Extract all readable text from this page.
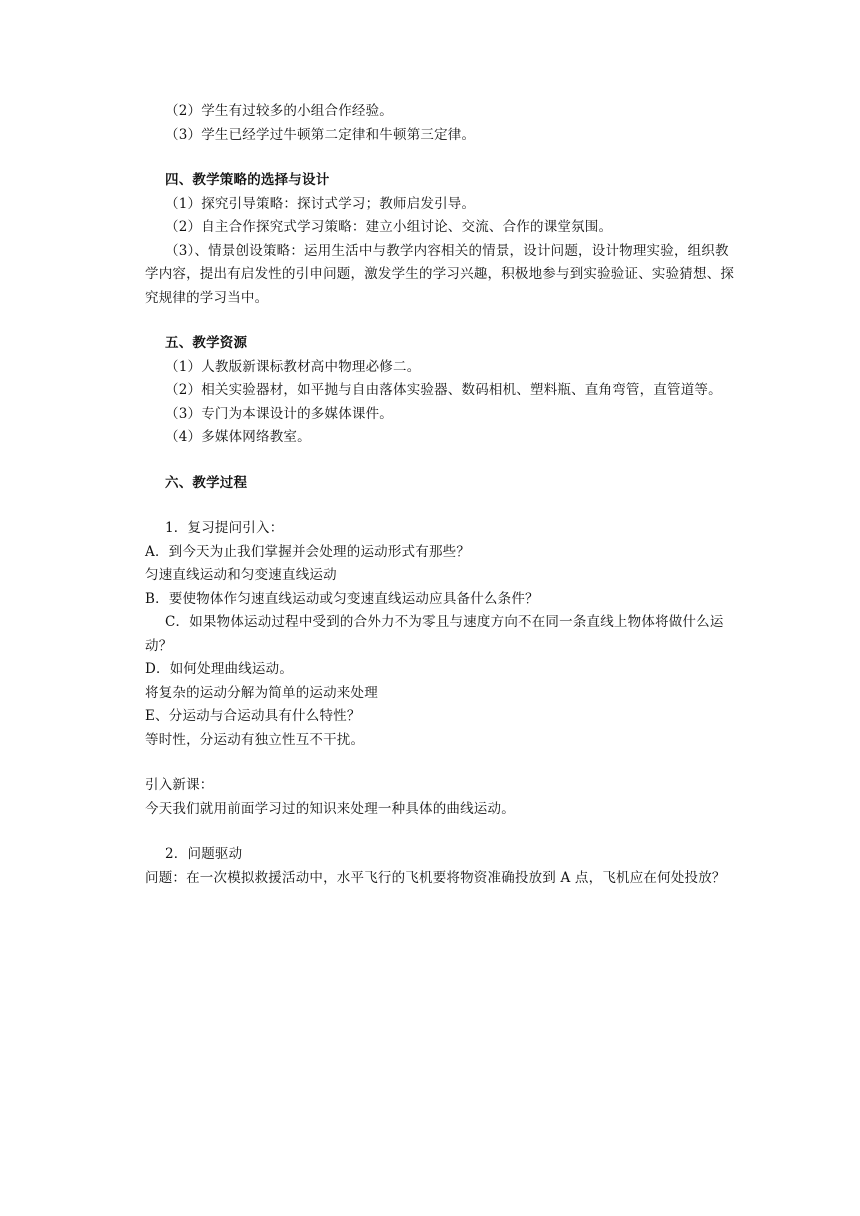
（2）学生有过较多的小组合作经验。

（3）学生已经学过牛顿第二定律和牛顿第三定律。

四、教学策略的选择与设计

（1）探究引导策略：探讨式学习；教师启发引导。

（2）自主合作探究式学习策略：建立小组讨论、交流、合作的课堂氛围。

（3）、情景创设策略：运用生活中与教学内容相关的情景，设计问题，设计物理实验，组织教学内容，提出有启发性的引申问题，激发学生的学习兴趣，积极地参与到实验验证、实验猜想、探究规律的学习当中。

五、教学资源

（1）人教版新课标教材高中物理必修二。

（2）相关实验器材，如平抛与自由落体实验器、数码相机、塑料瓶、直角弯管，直管道等。

（3）专门为本课设计的多媒体课件。

（4）多媒体网络教室。

六、教学过程

1．复习提问引入：

A．到今天为止我们掌握并会处理的运动形式有那些？

匀速直线运动和匀变速直线运动

B．要使物体作匀速直线运动或匀变速直线运动应具备什么条件？

C．如果物体运动过程中受到的合外力不为零且与速度方向不在同一条直线上物体将做什么运动？

D．如何处理曲线运动。

将复杂的运动分解为简单的运动来处理

E、分运动与合运动具有什么特性？

等时性，分运动有独立性互不干扰。

引入新课：

今天我们就用前面学习过的知识来处理一种具体的曲线运动。

2．问题驱动

问题：在一次模拟救援活动中，水平飞行的飞机要将物资准确投放到 A 点，飞机应在何处投放？
